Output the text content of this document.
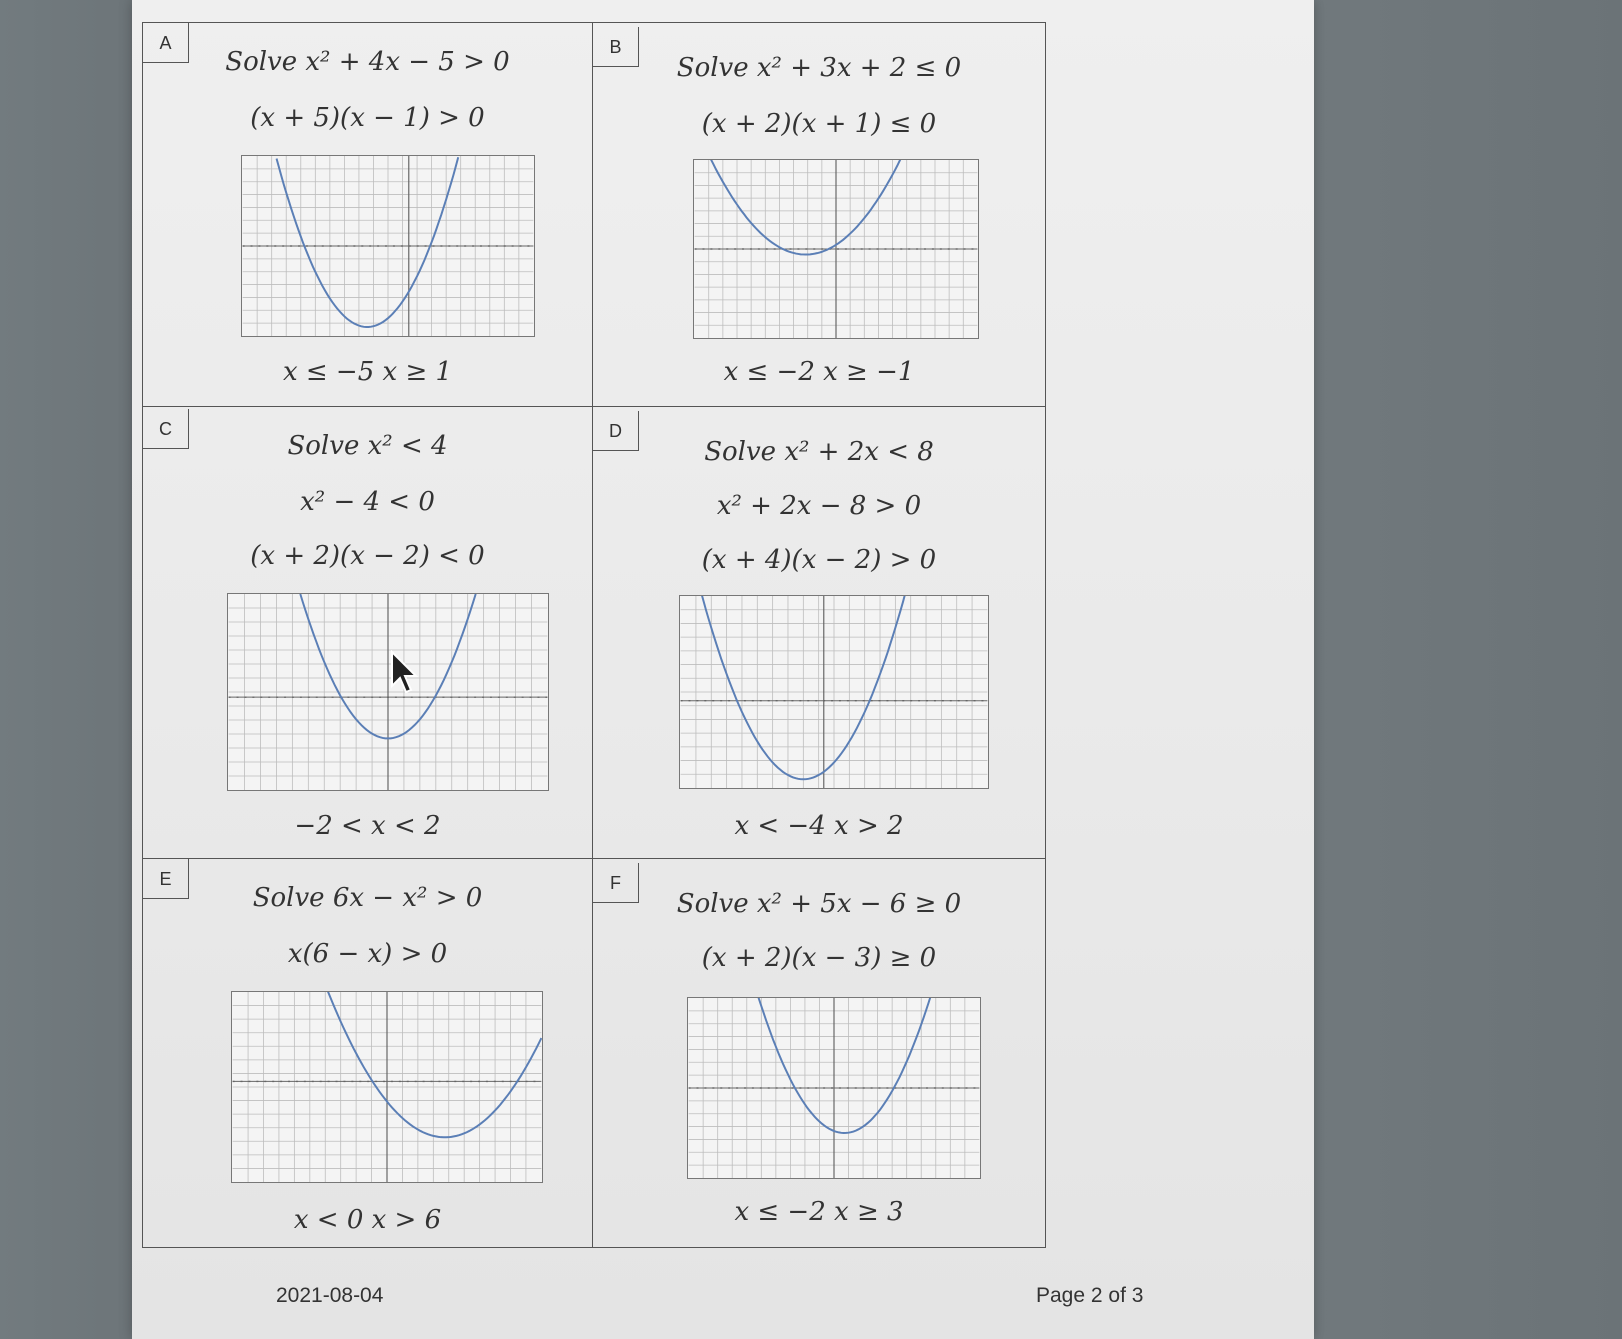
A
Solve x² + 4x − 5 > 0
(x + 5)(x − 1) > 0
x ≤ −5 x ≥ 1
B
Solve x² + 3x + 2 ≤ 0
(x + 2)(x + 1) ≤ 0
x ≤ −2 x ≥ −1
C
Solve x² < 4
x² − 4 < 0
(x + 2)(x − 2) < 0
−2 < x < 2
D
Solve x² + 2x < 8
x² + 2x − 8 > 0
(x + 4)(x − 2) > 0
x < −4 x > 2
E
Solve 6x − x² > 0
x(6 − x) > 0
x < 0 x > 6
F
Solve x² + 5x − 6 ≥ 0
(x + 2)(x − 3) ≥ 0
x ≤ −2 x ≥ 3
2021-08-04	Page 2 of 3
